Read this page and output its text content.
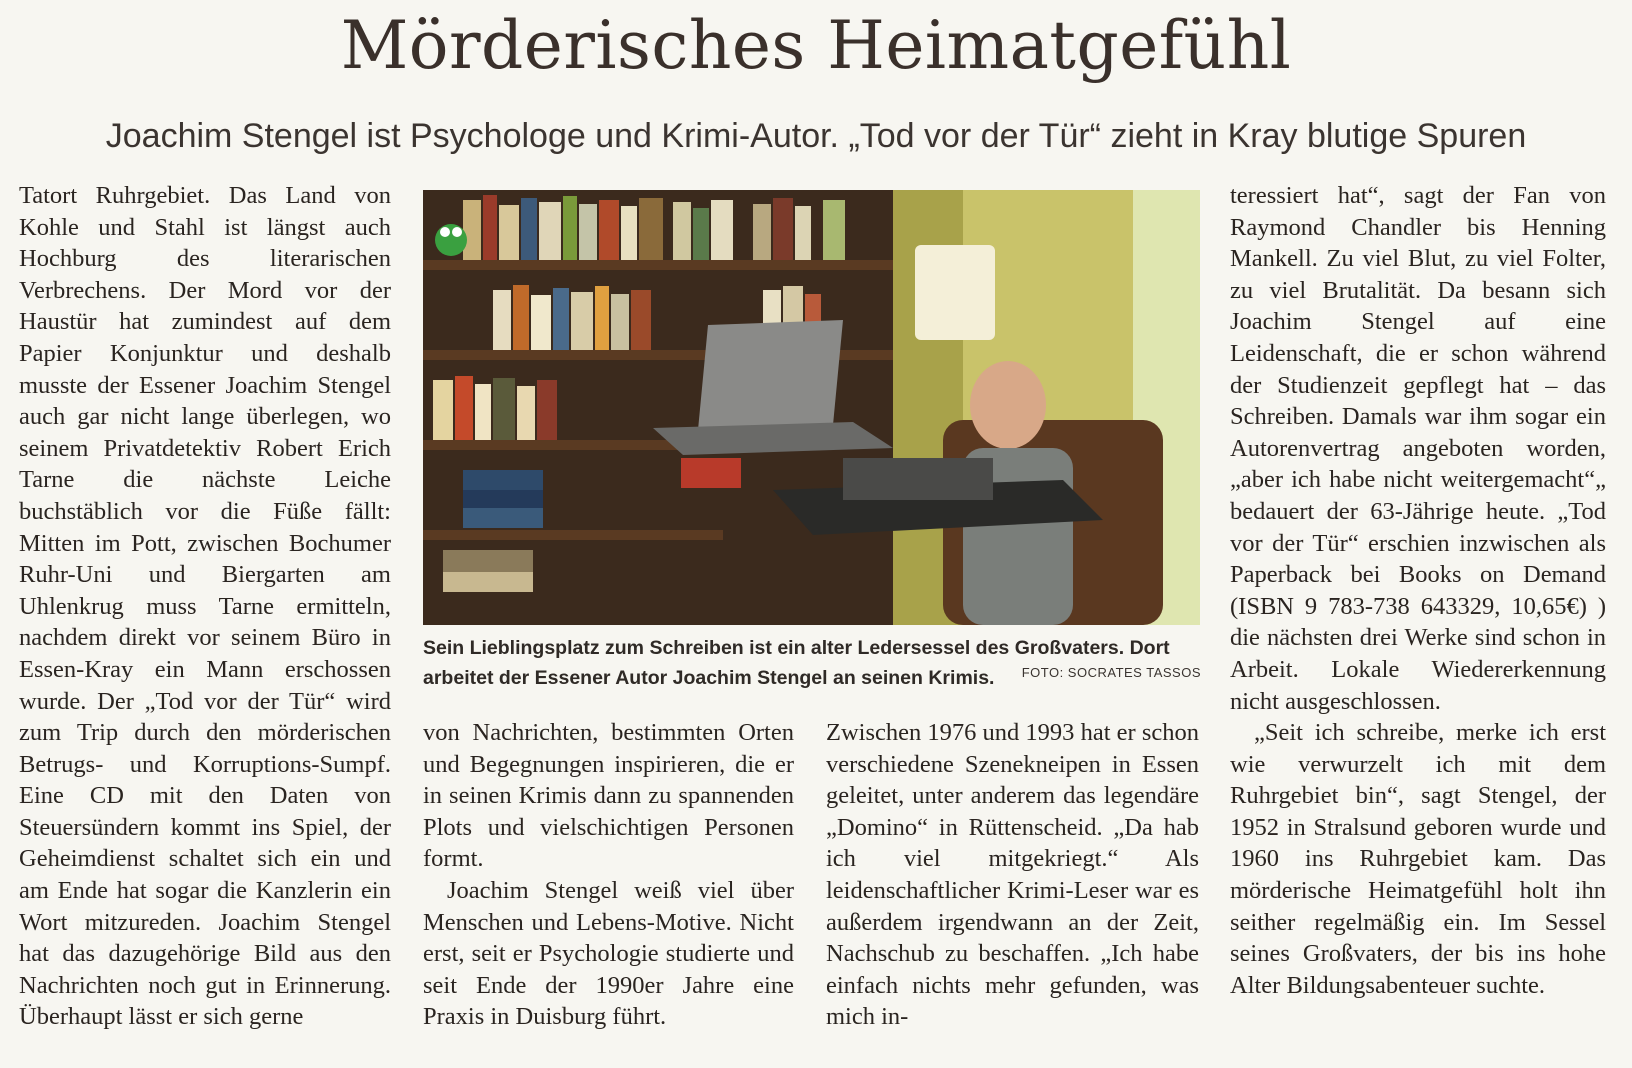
Mörderisches Heimatgefühl
Joachim Stengel ist Psychologe und Krimi-Autor. „Tod vor der Tür“ zieht in Kray blutige Spuren

Tatort Ruhrgebiet. Das Land von Kohle und Stahl ist längst auch Hochburg des literarischen Verbrechens. Der Mord vor der Haustür hat zumindest auf dem Papier Konjunktur und deshalb musste der Essener Joachim Stengel auch gar nicht lange überlegen, wo seinem Privatdetektiv Robert Erich Tarne die nächste Leiche buchstäblich vor die Füße fällt: Mitten im Pott, zwischen Bochumer Ruhr-Uni und Biergarten am Uhlenkrug muss Tarne ermitteln, nachdem direkt vor seinem Büro in Essen-Kray ein Mann erschossen wurde. Der „Tod vor der Tür“ wird zum Trip durch den mörderischen Betrugs- und Korruptions-Sumpf. Eine CD mit den Daten von Steuersündern kommt ins Spiel, der Geheimdienst schaltet sich ein und am Ende hat sogar die Kanzlerin ein Wort mitzureden. Joachim Stengel hat das dazugehörige Bild aus den Nachrichten noch gut in Erinnerung. Überhaupt lässt er sich gerne

Sein Lieblingsplatz zum Schreiben ist ein alter Ledersessel des Großvaters. Dort arbeitet der Essener Autor Joachim Stengel an seinen Krimis.	FOTO: SOCRATES TASSOS

von Nachrichten, bestimmten Orten und Begegnungen inspirieren, die er in seinen Krimis dann zu spannenden Plots und vielschichtigen Personen formt.

Joachim Stengel weiß viel über Menschen und Lebens-Motive. Nicht erst, seit er Psychologie studierte und seit Ende der 1990er Jahre eine Praxis in Duisburg führt.

Zwischen 1976 und 1993 hat er schon verschiedene Szenekneipen in Essen geleitet, unter anderem das legendäre „Domino“ in Rüttenscheid. „Da hab ich viel mitgekriegt.“ Als leidenschaftlicher Krimi-Leser war es außerdem irgendwann an der Zeit, Nachschub zu beschaffen. „Ich habe einfach nichts mehr gefunden, was mich in-

teressiert hat“, sagt der Fan von Raymond Chandler bis Henning Mankell. Zu viel Blut, zu viel Folter, zu viel Brutalität. Da besann sich Joachim Stengel auf eine Leidenschaft, die er schon während der Studienzeit gepflegt hat – das Schreiben. Damals war ihm sogar ein Autorenvertrag angeboten worden, „aber ich habe nicht weitergemacht“„ bedauert der 63-Jährige heute. „Tod vor der Tür“ erschien inzwischen als Paperback bei Books on Demand (ISBN 9 783-738 643329, 10,65€) ) die nächsten drei Werke sind schon in Arbeit. Lokale Wiedererkennung nicht ausgeschlossen.

„Seit ich schreibe, merke ich erst wie verwurzelt ich mit dem Ruhrgebiet bin“, sagt Stengel, der 1952 in Stralsund geboren wurde und 1960 ins Ruhrgebiet kam. Das mörderische Heimatgefühl holt ihn seither regelmäßig ein. Im Sessel seines Großvaters, der bis ins hohe Alter Bildungsabenteuer suchte.
